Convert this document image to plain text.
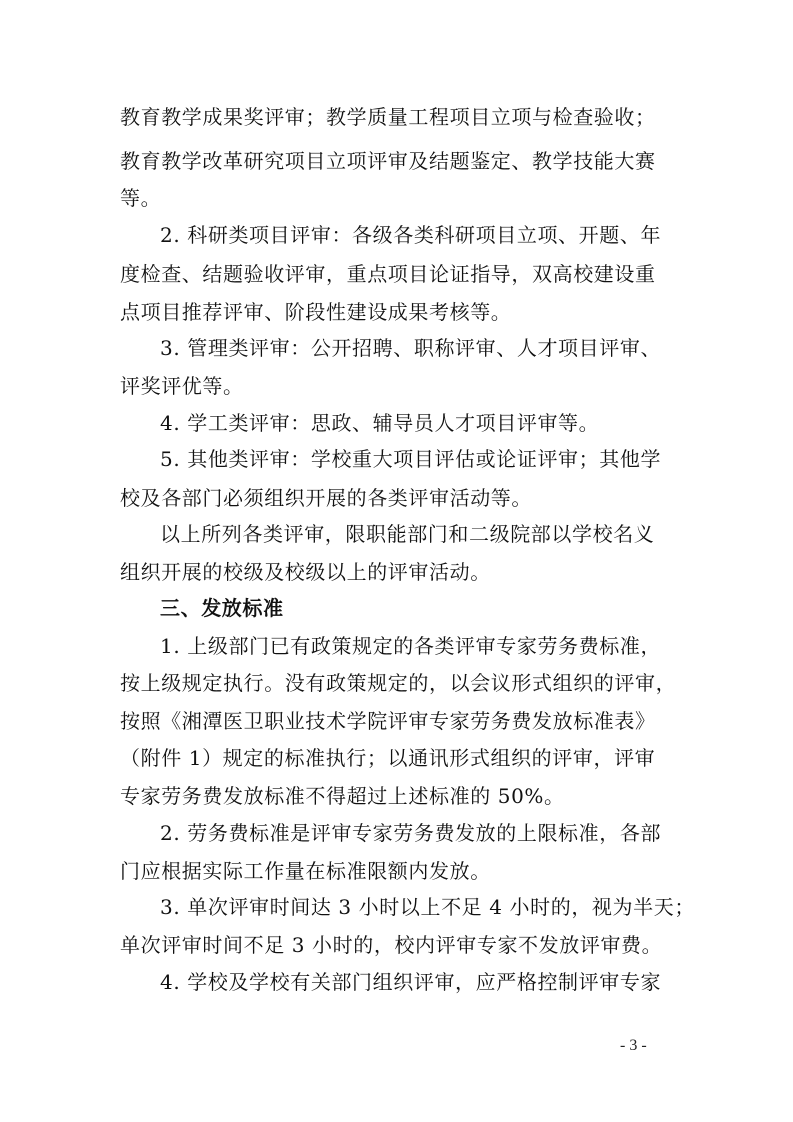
教育教学成果奖评审；教学质量工程项目立项与检查验收；
教育教学改革研究项目立项评审及结题鉴定、教学技能大赛
等。
2. 科研类项目评审：各级各类科研项目立项、开题、年
度检查、结题验收评审，重点项目论证指导，双高校建设重
点项目推荐评审、阶段性建设成果考核等。
3. 管理类评审：公开招聘、职称评审、人才项目评审、
评奖评优等。
4. 学工类评审：思政、辅导员人才项目评审等。
5. 其他类评审：学校重大项目评估或论证评审；其他学
校及各部门必须组织开展的各类评审活动等。
以上所列各类评审，限职能部门和二级院部以学校名义
组织开展的校级及校级以上的评审活动。
三、发放标准
1. 上级部门已有政策规定的各类评审专家劳务费标准，
按上级规定执行。没有政策规定的，以会议形式组织的评审，
按照《湘潭医卫职业技术学院评审专家劳务费发放标准表》
（附件 1）规定的标准执行；以通讯形式组织的评审，评审
专家劳务费发放标准不得超过上述标准的 50%。
2. 劳务费标准是评审专家劳务费发放的上限标准，各部
门应根据实际工作量在标准限额内发放。
3. 单次评审时间达 3 小时以上不足 4 小时的，视为半天；
单次评审时间不足 3 小时的，校内评审专家不发放评审费。
4. 学校及学校有关部门组织评审，应严格控制评审专家
- 3 -
